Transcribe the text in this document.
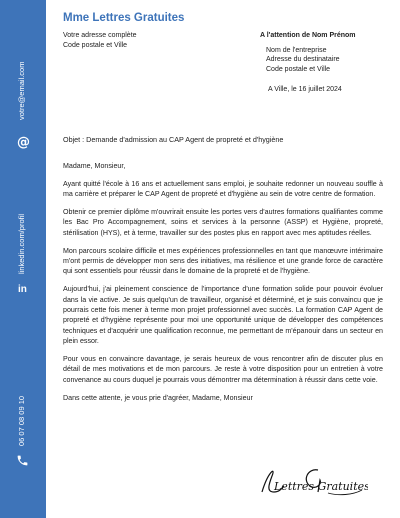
votre@email.com
@
linkedin.com/profil
in
06 07 08 09 10
Mme Lettres Gratuites
Votre adresse complète
Code postale et Ville
A l'attention de Nom Prénom
Nom de l'entreprise
Adresse du destinataire
Code postale et Ville
A Ville, le 16 juillet 2024
Objet : Demande d'admission au CAP Agent de propreté et d'hygiène

Madame, Monsieur,

Ayant quitté l'école à 16 ans et actuellement sans emploi, je souhaite redonner un nouveau souffle à ma carrière et préparer le CAP Agent de propreté et d'hygiène au sein de votre centre de formation.

Obtenir ce premier diplôme m'ouvrirait ensuite les portes vers d'autres formations qualifiantes comme les Bac Pro Accompagnement, soins et services à la personne (ASSP) et Hygiène, propreté, stérilisation (HYS), et à terme, travailler sur des postes plus en rapport avec mes aptitudes réelles.

Mon parcours scolaire difficile et mes expériences professionnelles en tant que manœuvre intérimaire m'ont permis de développer mon sens des initiatives, ma résilience et une grande force de caractère qui sont essentiels pour réussir dans le domaine de la propreté et de l'hygiène.

Aujourd'hui, j'ai pleinement conscience de l'importance d'une formation solide pour pouvoir évoluer dans la vie active. Je suis quelqu'un de travailleur, organisé et déterminé, et je suis convaincu que je pourrais cette fois mener à terme mon projet professionnel avec succès. La formation CAP Agent de propreté et d'hygiène représente pour moi une opportunité unique de développer des compétences techniques et d'acquérir une qualification reconnue, me permettant de m'épanouir dans un secteur en plein essor.

Pour vous en convaincre davantage, je serais heureux de vous rencontrer afin de discuter plus en détail de mes motivations et de mon parcours. Je reste à votre disposition pour un entretien à votre convenance au cours duquel je pourrais vous démontrer ma détermination à réussir dans cette voie.

Dans cette attente, je vous prie d'agréer, Madame, Monsieur

Lettres Gratuites.
